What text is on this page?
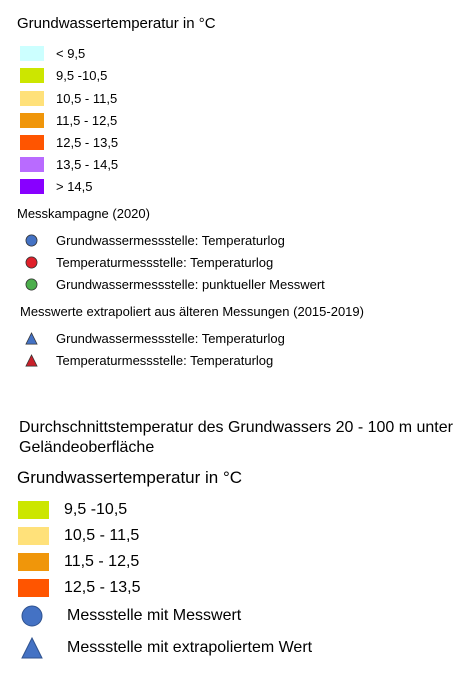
Grundwassertemperatur in °C
< 9,5
9,5 -10,5
10,5 - 11,5
11,5 - 12,5
12,5 - 13,5
13,5 - 14,5
> 14,5
Messkampagne (2020)
Grundwassermessstelle: Temperaturlog
Temperaturmessstelle: Temperaturlog
Grundwassermessstelle: punktueller Messwert
Messwerte extrapoliert aus älteren Messungen (2015-2019)
Grundwassermessstelle: Temperaturlog
Temperaturmessstelle: Temperaturlog
Durchschnittstemperatur des Grundwassers 20 - 100 m unter Geländeoberfläche
Grundwassertemperatur in °C
9,5 -10,5
10,5 - 11,5
11,5 - 12,5
12,5 - 13,5
Messstelle mit Messwert
Messstelle mit extrapoliertem Wert
